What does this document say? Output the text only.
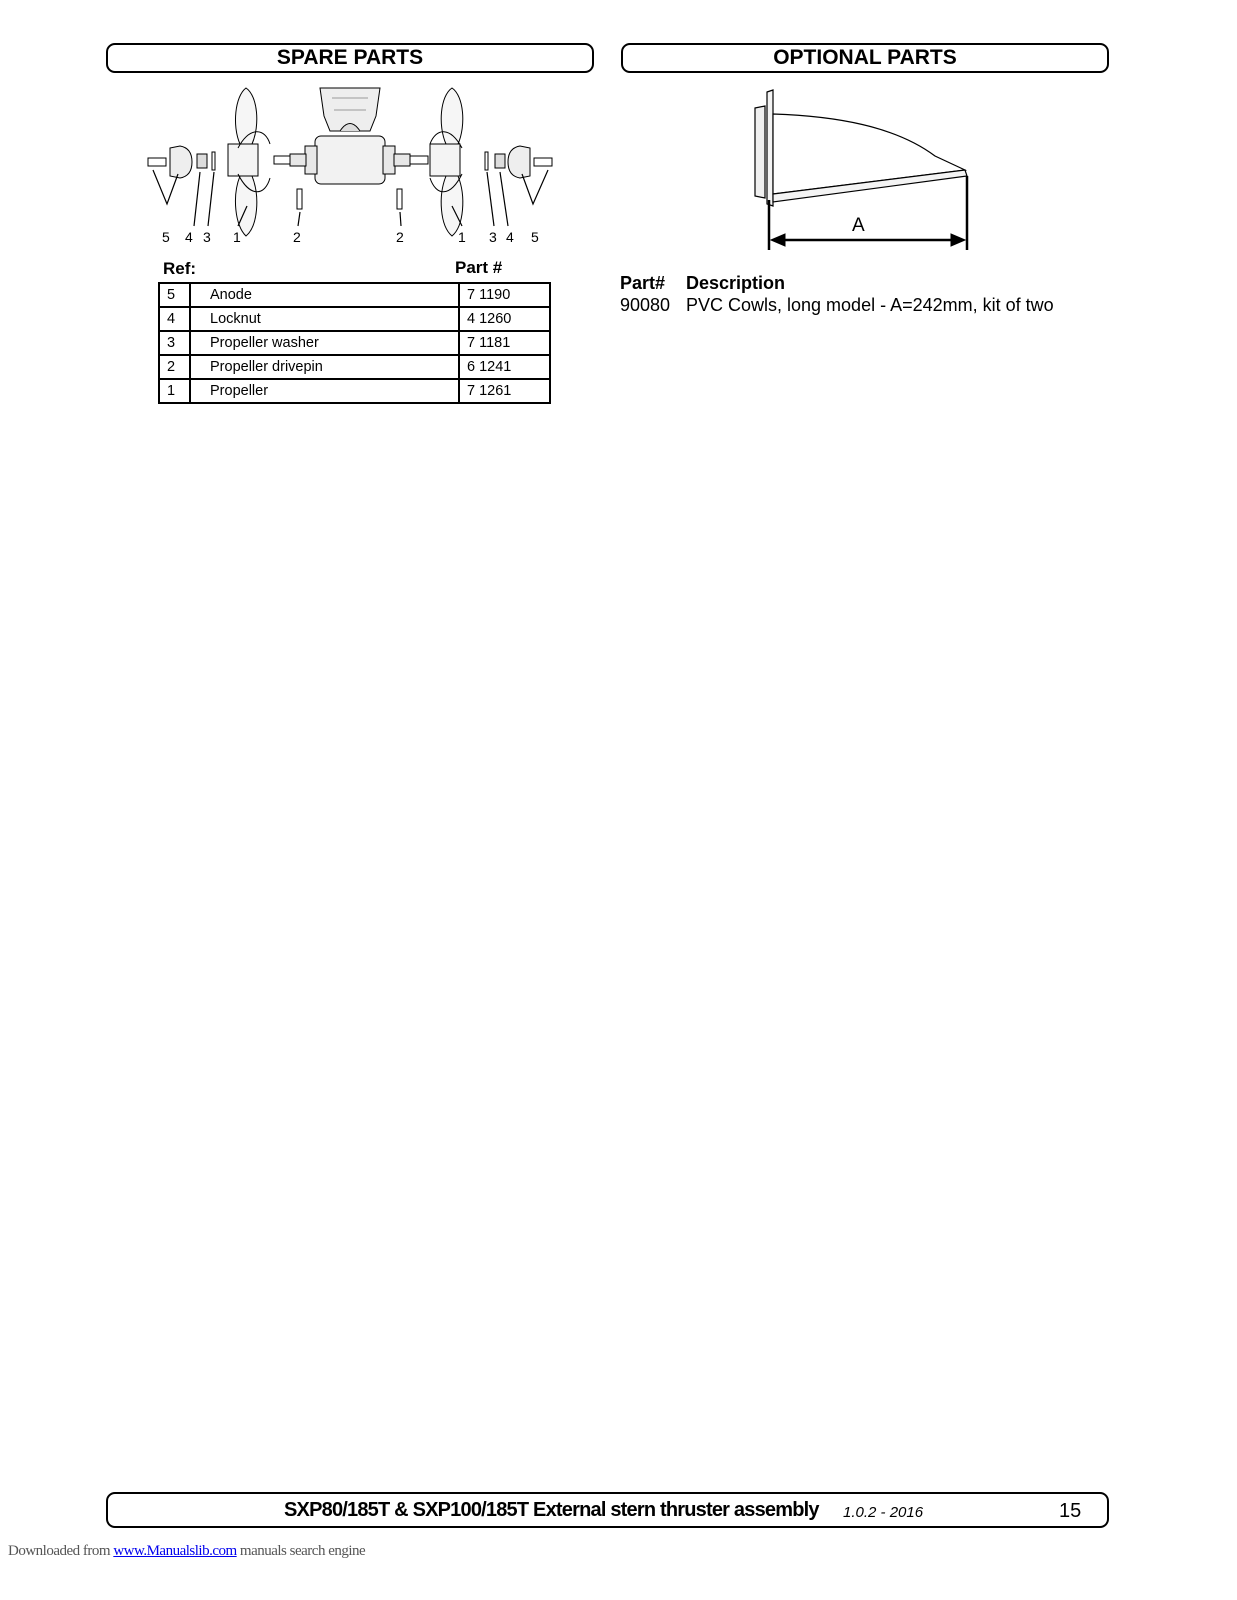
SPARE PARTS	OPTIONAL PARTS
5 4 3 1	2	2	1 3 4 5
Ref:	Part #
5	Anode	7 1190
4	Locknut	4 1260
3	Propeller washer	7 1181
2	Propeller drivepin	6 1241
1	Propeller	7 1261
A
Part# Description
90080 PVC Cowls, long model - A=242mm, kit of two
SXP80/185T & SXP100/185T External stern thruster assembly 1.0.2 - 2016	15
Downloaded from www.Manualslib.com manuals search engine
